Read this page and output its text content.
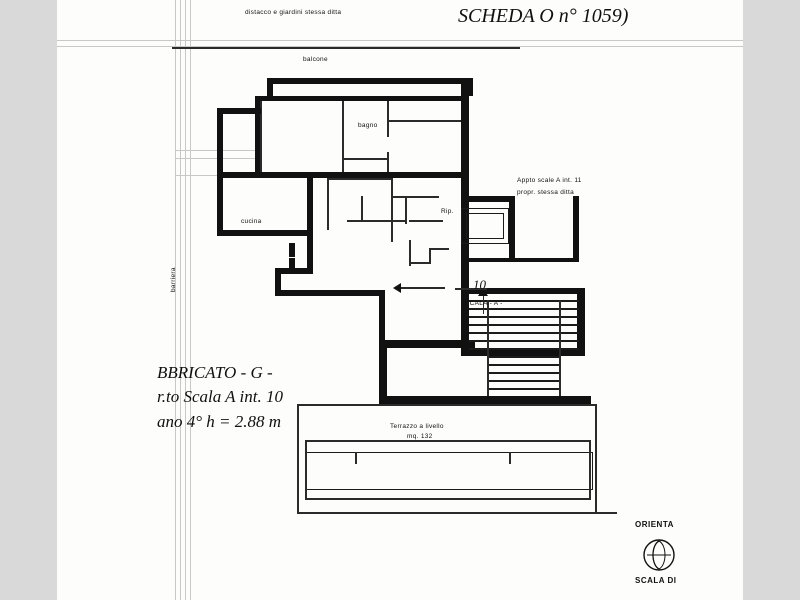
SCHEDA O n° 1059)
distacco e giardini stessa ditta
Terrazzo a livello
mq. 132
balcone
bagno
cucina
Rip.
Appto scale A int. 11
propr. stessa ditta
barriera	10
SCALA - A -
BBRICATO - G -
r.to Scala A int. 10
ano 4° h = 2.88 m
ORIENTA
SCALA DI
